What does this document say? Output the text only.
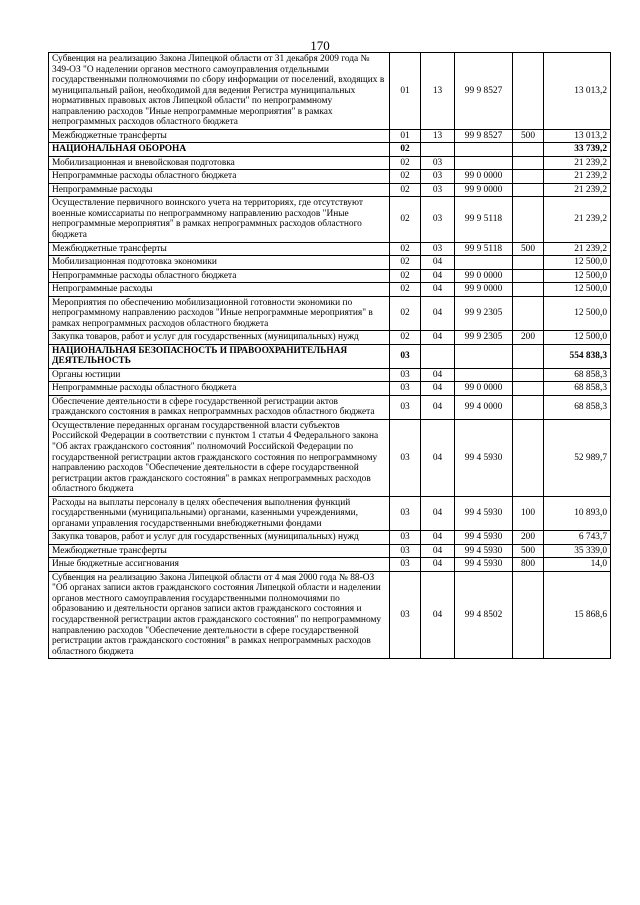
170
Субвенция на реализацию Закона Липецкой области от 31 декабря 2009 года № 349-ОЗ "О наделении органов местного самоуправления отдельными государственными полномочиями по сбору информации от поселений, входящих в муниципальный район, необходимой для ведения Регистра муниципальных нормативных правовых актов Липецкой области" по непрограммному направлению расходов "Иные непрограммные мероприятия" в рамках непрограммных расходов областного бюджета	01	13	99 9 8527		13 013,2
Межбюджетные трансферты	01	13	99 9 8527	500	13 013,2
НАЦИОНАЛЬНАЯ ОБОРОНА	02				33 739,2
Мобилизационная и вневойсковая подготовка	02	03			21 239,2
Непрограммные расходы областного бюджета	02	03	99 0 0000		21 239,2
Непрограммные расходы	02	03	99 9 0000		21 239,2
Осуществление первичного воинского учета на территориях, где отсутствуют военные комиссариаты по непрограммному направлению расходов "Иные непрограммные мероприятия" в рамках непрограммных расходов областного бюджета	02	03	99 9 5118		21 239,2
Межбюджетные трансферты	02	03	99 9 5118	500	21 239,2
Мобилизационная подготовка экономики	02	04			12 500,0
Непрограммные расходы областного бюджета	02	04	99 0 0000		12 500,0
Непрограммные расходы	02	04	99 9 0000		12 500,0
Мероприятия по обеспечению мобилизационной готовности экономики по непрограммному направлению расходов "Иные непрограммные мероприятия" в рамках непрограммных расходов областного бюджета	02	04	99 9 2305		12 500,0
Закупка товаров, работ и услуг для государственных (муниципальных) нужд	02	04	99 9 2305	200	12 500,0
НАЦИОНАЛЬНАЯ БЕЗОПАСНОСТЬ И ПРАВООХРАНИТЕЛЬНАЯ ДЕЯТЕЛЬНОСТЬ	03				554 838,3
Органы юстиции	03	04			68 858,3
Непрограммные расходы областного бюджета	03	04	99 0 0000		68 858,3
Обеспечение деятельности в сфере государственной регистрации актов гражданского состояния в рамках непрограммных расходов областного бюджета	03	04	99 4 0000		68 858,3
Осуществление переданных органам государственной власти субъектов Российской Федерации в соответствии с пунктом 1 статьи 4 Федерального закона "Об актах гражданского состояния" полномочий Российской Федерации по государственной регистрации актов гражданского состояния по непрограммному направлению расходов "Обеспечение деятельности в сфере государственной регистрации актов гражданского состояния" в рамках непрограммных расходов областного бюджета	03	04	99 4 5930		52 989,7
Расходы на выплаты персоналу в целях обеспечения выполнения функций государственными (муниципальными) органами, казенными учреждениями, органами управления государственными внебюджетными фондами	03	04	99 4 5930	100	10 893,0
Закупка товаров, работ и услуг для государственных (муниципальных) нужд	03	04	99 4 5930	200	6 743,7
Межбюджетные трансферты	03	04	99 4 5930	500	35 339,0
Иные бюджетные ассигнования	03	04	99 4 5930	800	14,0
Субвенция на реализацию Закона Липецкой области от 4 мая 2000 года № 88-ОЗ "Об органах записи актов гражданского состояния Липецкой области и наделении органов местного самоуправления государственными полномочиями по образованию и деятельности органов записи актов гражданского состояния и государственной регистрации актов гражданского состояния" по непрограммному направлению расходов "Обеспечение деятельности в сфере государственной регистрации актов гражданского состояния" в рамках непрограммных расходов областного бюджета	03	04	99 4 8502		15 868,6
